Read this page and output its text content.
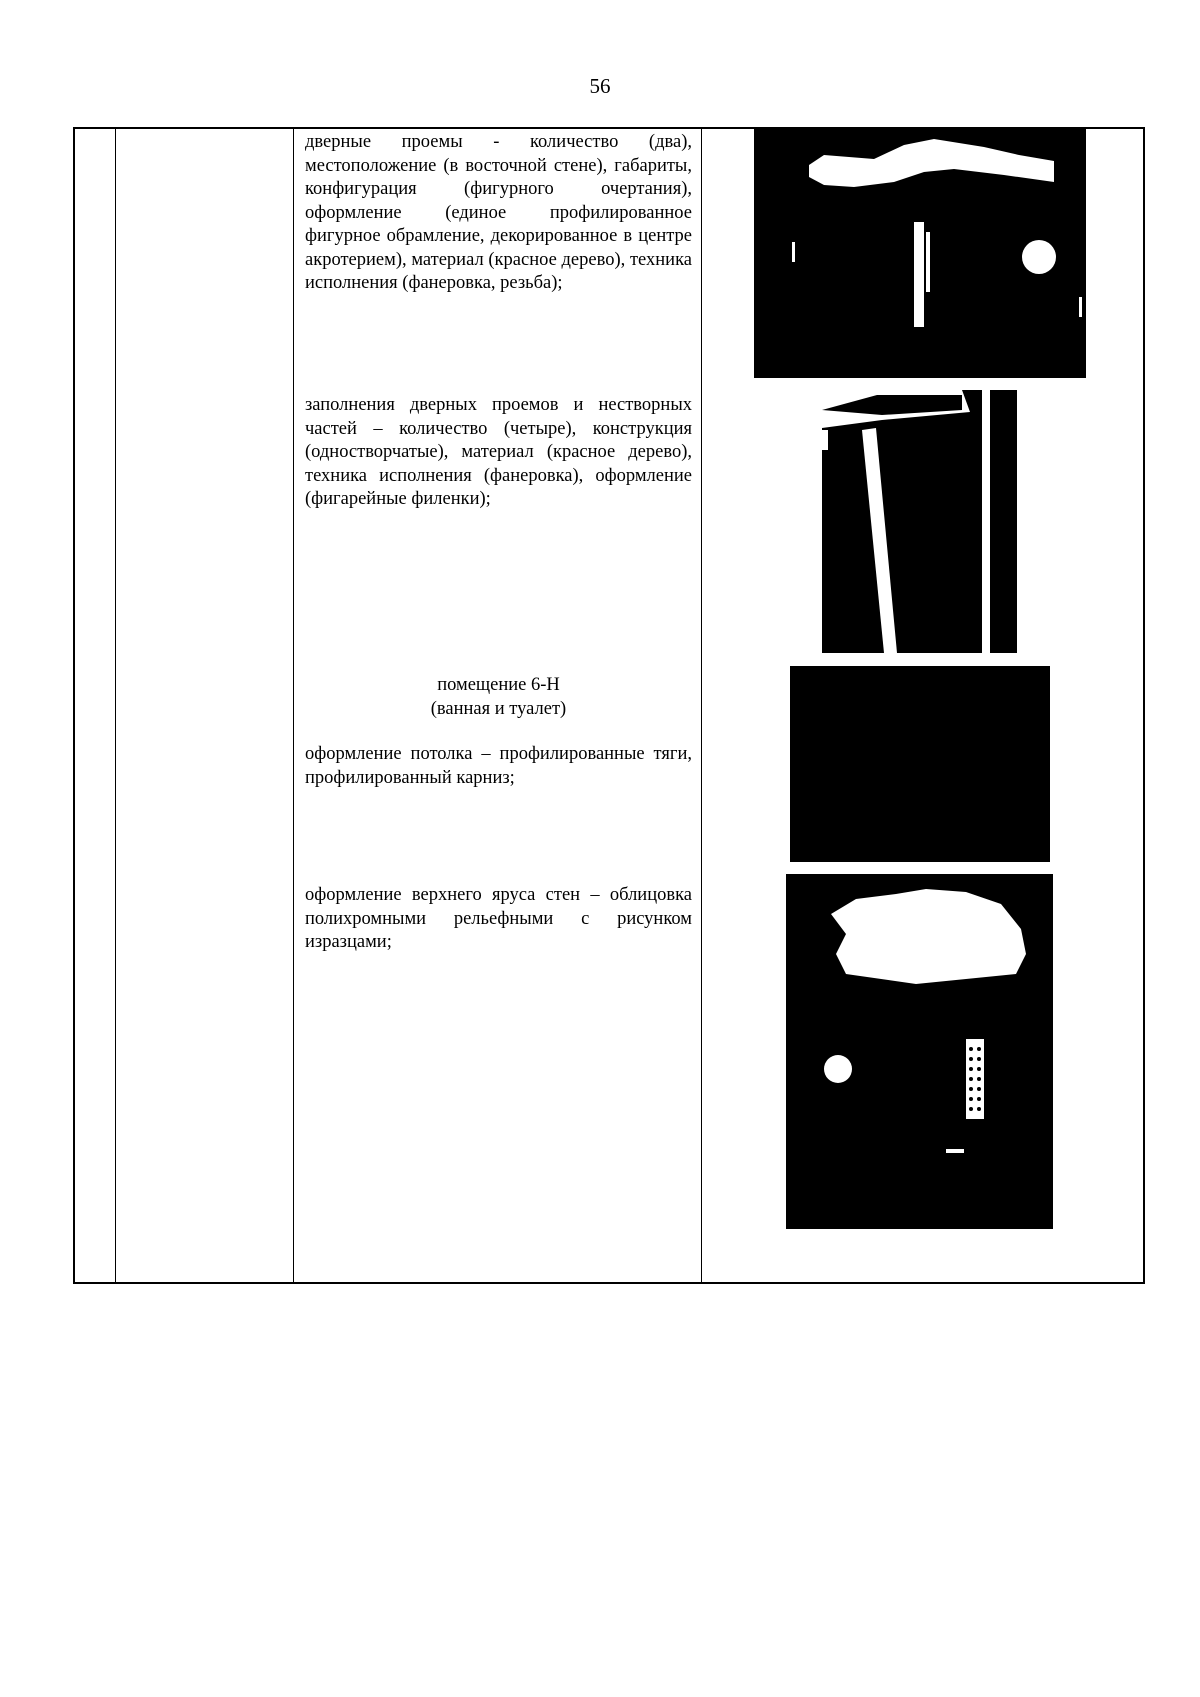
56
дверные проемы - количество (два), местоположение (в восточной стене), габариты, конфигурация (фигурного очертания), оформление (единое профилированное фигурное обрамление, декорированное в центре акротерием), материал (красное дерево), техника исполнения (фанеровка, резьба);
заполнения дверных проемов и нестворных частей – количество (четыре), конструкция (одностворчатые), материал (красное дерево), техника исполнения (фанеровка), оформление (фигарейные филенки);
помещение 6-Н
(ванная и туалет)
оформление потолка – профилированные тяги, профилированный карниз;
оформление верхнего яруса стен – облицовка полихромными рельефными с рисунком изразцами;
